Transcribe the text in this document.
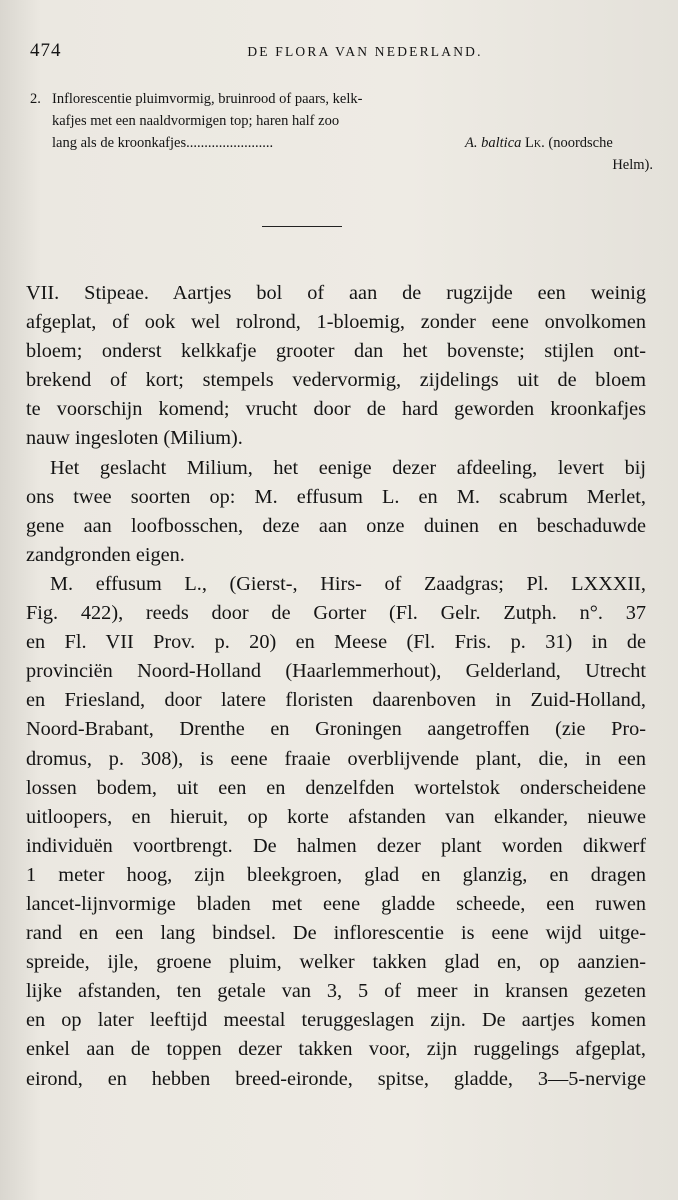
474	DE FLORA VAN NEDERLAND.
2. Inflorescentie pluimvormig, bruinrood of paars, kelk-
kafjes met een naaldvormigen top; haren half zoo
lang als de kroonkafjes........................	A. baltica Lk. (noordsche
Helm).
VII. Stipeae. Aartjes bol of aan de rugzijde een weinig
afgeplat, of ook wel rolrond, 1-bloemig, zonder eene onvolkomen
bloem; onderst kelkkafje grooter dan het bovenste; stijlen ont-
brekend of kort; stempels vedervormig, zijdelings uit de bloem
te voorschijn komend; vrucht door de hard geworden kroonkafjes
nauw ingesloten (Milium).
Het geslacht Milium, het eenige dezer afdeeling, levert bij
ons twee soorten op: M. effusum L. en M. scabrum Merlet,
gene aan loofbosschen, deze aan onze duinen en beschaduwde
zandgronden eigen.
M. effusum L., (Gierst-, Hirs- of Zaadgras; Pl. LXXXII,
Fig. 422), reeds door de Gorter (Fl. Gelr. Zutph. n°. 37
en Fl. VII Prov. p. 20) en Meese (Fl. Fris. p. 31) in de
provinciën Noord-Holland (Haarlemmerhout), Gelderland, Utrecht
en Friesland, door latere floristen daarenboven in Zuid-Holland,
Noord-Brabant, Drenthe en Groningen aangetroffen (zie Pro-
dromus, p. 308), is eene fraaie overblijvende plant, die, in een
lossen bodem, uit een en denzelfden wortelstok onderscheidene
uitloopers, en hieruit, op korte afstanden van elkander, nieuwe
individuën voortbrengt. De halmen dezer plant worden dikwerf
1 meter hoog, zijn bleekgroen, glad en glanzig, en dragen
lancet-lijnvormige bladen met eene gladde scheede, een ruwen
rand en een lang bindsel. De inflorescentie is eene wijd uitge-
spreide, ijle, groene pluim, welker takken glad en, op aanzien-
lijke afstanden, ten getale van 3, 5 of meer in kransen gezeten
en op later leeftijd meestal teruggeslagen zijn. De aartjes komen
enkel aan de toppen dezer takken voor, zijn ruggelings afgeplat,
eirond, en hebben breed-eironde, spitse, gladde, 3—5-nervige
